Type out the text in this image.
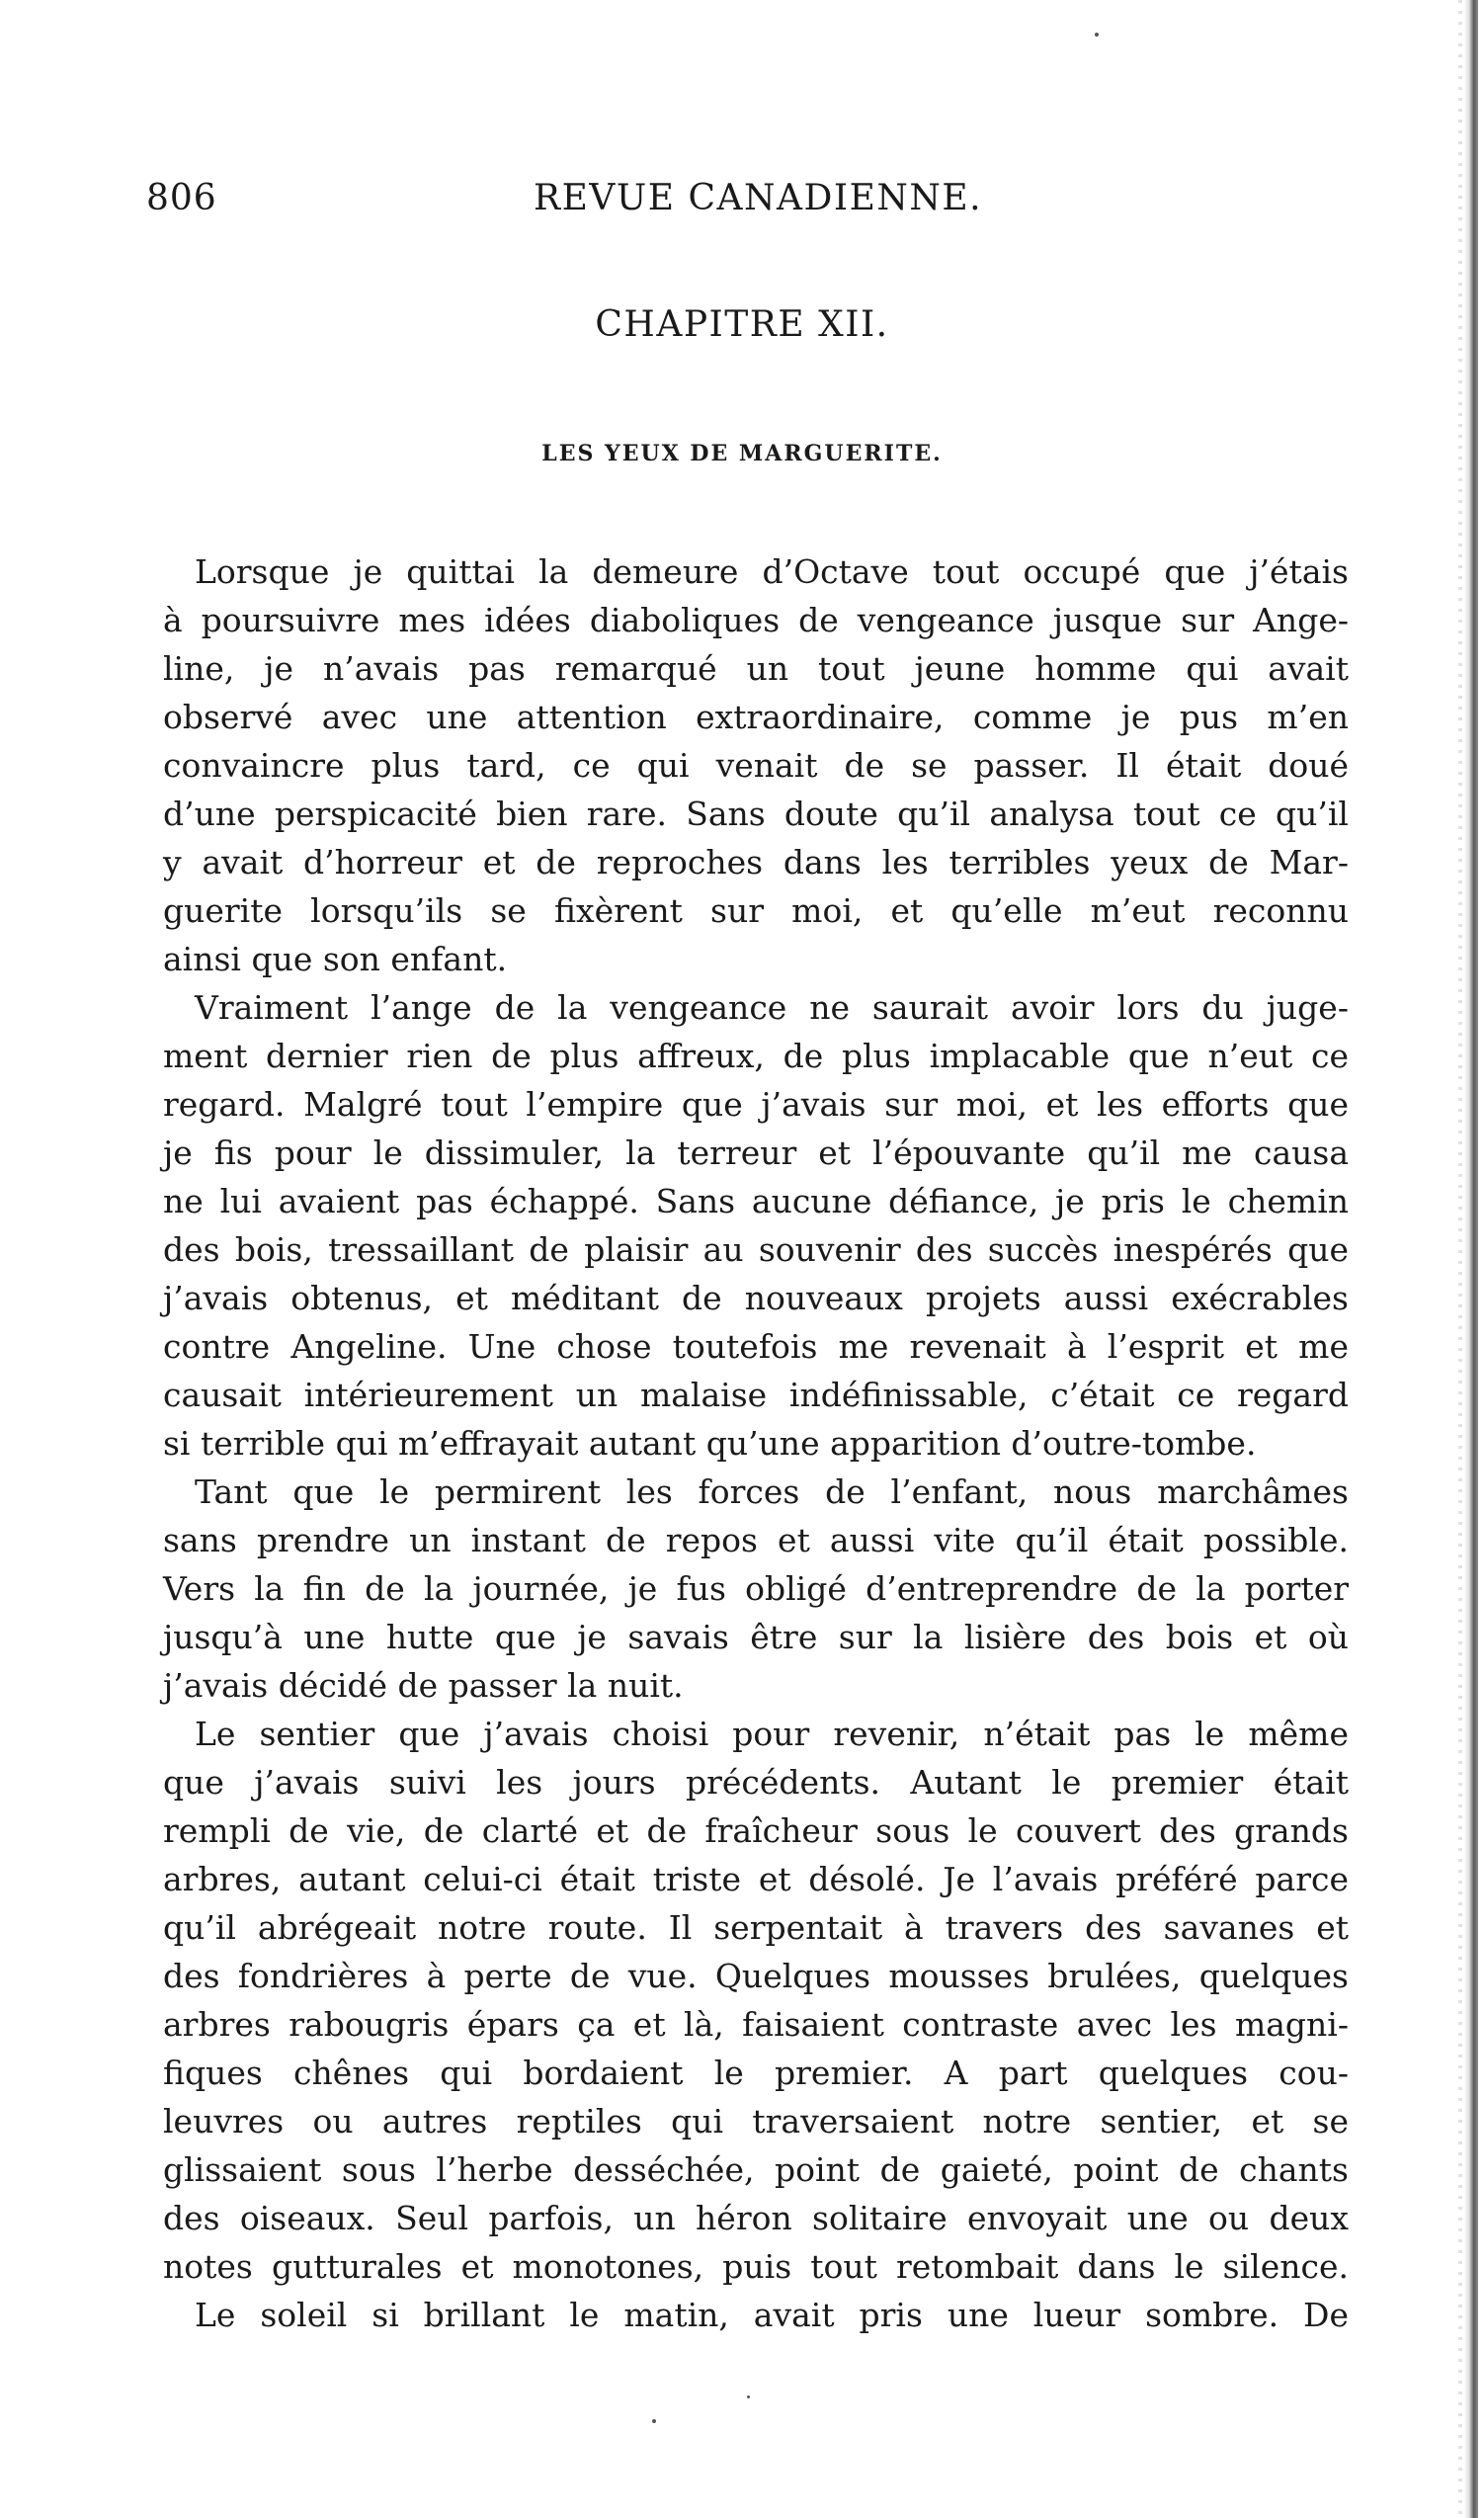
806	REVUE CANADIENNE.
CHAPITRE XII.
LES YEUX DE MARGUERITE.
Lorsque je quittai la demeure d’Octave tout occupé que j’étais
à poursuivre mes idées diaboliques de vengeance jusque sur Ange-
line, je n’avais pas remarqué un tout jeune homme qui avait
observé avec une attention extraordinaire, comme je pus m’en
convaincre plus tard, ce qui venait de se passer. Il était doué
d’une perspicacité bien rare. Sans doute qu’il analysa tout ce qu’il
y avait d’horreur et de reproches dans les terribles yeux de Mar-
guerite lorsqu’ils se fixèrent sur moi, et qu’elle m’eut reconnu
ainsi que son enfant.
Vraiment l’ange de la vengeance ne saurait avoir lors du juge-
ment dernier rien de plus affreux, de plus implacable que n’eut ce
regard. Malgré tout l’empire que j’avais sur moi, et les efforts que
je fis pour le dissimuler, la terreur et l’épouvante qu’il me causa
ne lui avaient pas échappé. Sans aucune défiance, je pris le chemin
des bois, tressaillant de plaisir au souvenir des succès inespérés que
j’avais obtenus, et méditant de nouveaux projets aussi exécrables
contre Angeline. Une chose toutefois me revenait à l’esprit et me
causait intérieurement un malaise indéfinissable, c’était ce regard
si terrible qui m’effrayait autant qu’une apparition d’outre-tombe.
Tant que le permirent les forces de l’enfant, nous marchâmes
sans prendre un instant de repos et aussi vite qu’il était possible.
Vers la fin de la journée, je fus obligé d’entreprendre de la porter
jusqu’à une hutte que je savais être sur la lisière des bois et où
j’avais décidé de passer la nuit.
Le sentier que j’avais choisi pour revenir, n’était pas le même
que j’avais suivi les jours précédents. Autant le premier était
rempli de vie, de clarté et de fraîcheur sous le couvert des grands
arbres, autant celui-ci était triste et désolé. Je l’avais préféré parce
qu’il abrégeait notre route. Il serpentait à travers des savanes et
des fondrières à perte de vue. Quelques mousses brulées, quelques
arbres rabougris épars ça et là, faisaient contraste avec les magni-
fiques chênes qui bordaient le premier. A part quelques cou-
leuvres ou autres reptiles qui traversaient notre sentier, et se
glissaient sous l’herbe desséchée, point de gaieté, point de chants
des oiseaux. Seul parfois, un héron solitaire envoyait une ou deux
notes gutturales et monotones, puis tout retombait dans le silence.
Le soleil si brillant le matin, avait pris une lueur sombre. De
